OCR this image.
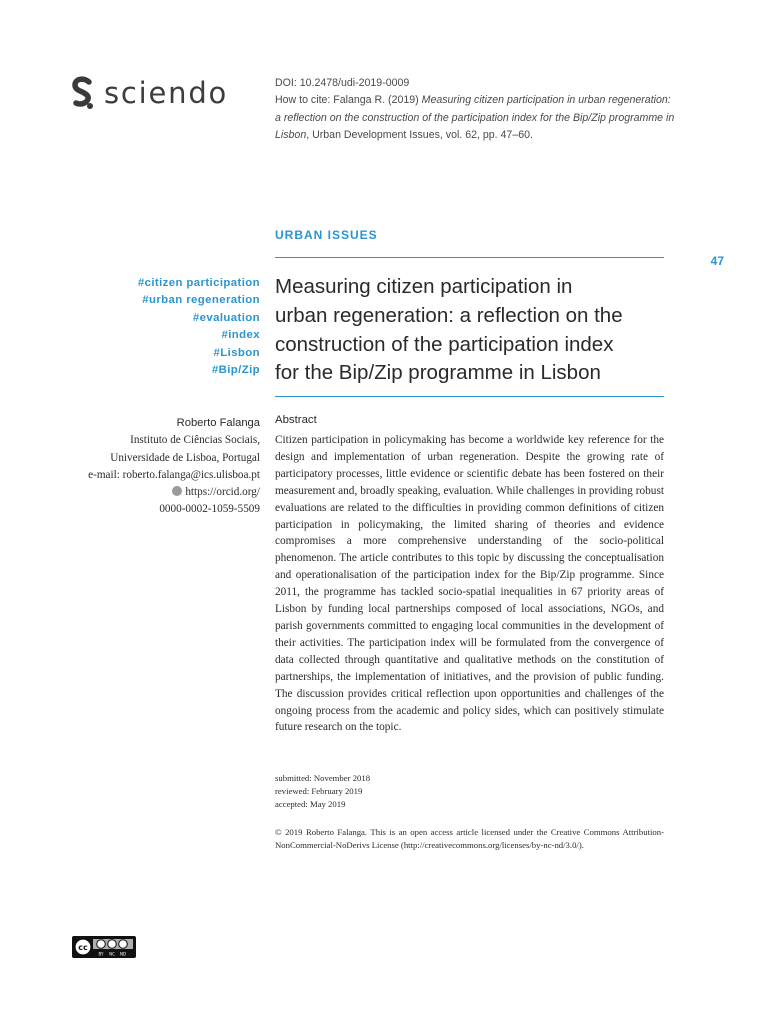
sciendo	DOI: 10.2478/udi-2019-0009
How to cite: Falanga R. (2019) Measuring citizen participation in urban regeneration: a reflection on the construction of the participation index for the Bip/Zip programme in Lisbon, Urban Development Issues, vol. 62, pp. 47–60.
URBAN ISSUES
47
#citizen participation
#urban regeneration
#evaluation
#index
#Lisbon
#Bip/Zip
Measuring citizen participation in
urban regeneration: a reflection on the
construction of the participation index
for the Bip/Zip programme in Lisbon
Roberto Falanga
Instituto de Ciências Sociais,
Universidade de Lisboa, Portugal
e-mail: roberto.falanga@ics.ulisboa.pt
https://orcid.org/
0000-0002-1059-5509
Abstract
Citizen participation in policymaking has become a worldwide key reference for the design and implementation of urban regeneration. Despite the growing rate of participatory processes, little evidence or scientific debate has been fostered on their measurement and, broadly speaking, evaluation. While challenges in providing robust evaluations are related to the difficulties in providing common definitions of citizen participation in policymaking, the limited sharing of theories and evidence compromises a more comprehensive understanding of the socio-political phenomenon. The article contributes to this topic by discussing the conceptualisation and operationalisation of the participation index for the Bip/Zip programme. Since 2011, the programme has tackled socio-spatial inequalities in 67 priority areas of Lisbon by funding local partnerships composed of local associations, NGOs, and parish governments committed to engaging local communities in the development of their activities. The participation index will be formulated from the convergence of data collected through quantitative and qualitative methods on the constitution of partnerships, the implementation of initiatives, and the provision of public funding. The discussion provides critical reflection upon opportunities and challenges of the ongoing process from the academic and policy sides, which can positively stimulate future research on the topic.
submitted: November 2018
reviewed: February 2019
accepted: May 2019
© 2019 Roberto Falanga. This is an open access article licensed under the Creative Commons Attribution-NonCommercial-NoDerivs License (http://creativecommons.org/licenses/by-nc-nd/3.0/).
cc
BY NC ND
